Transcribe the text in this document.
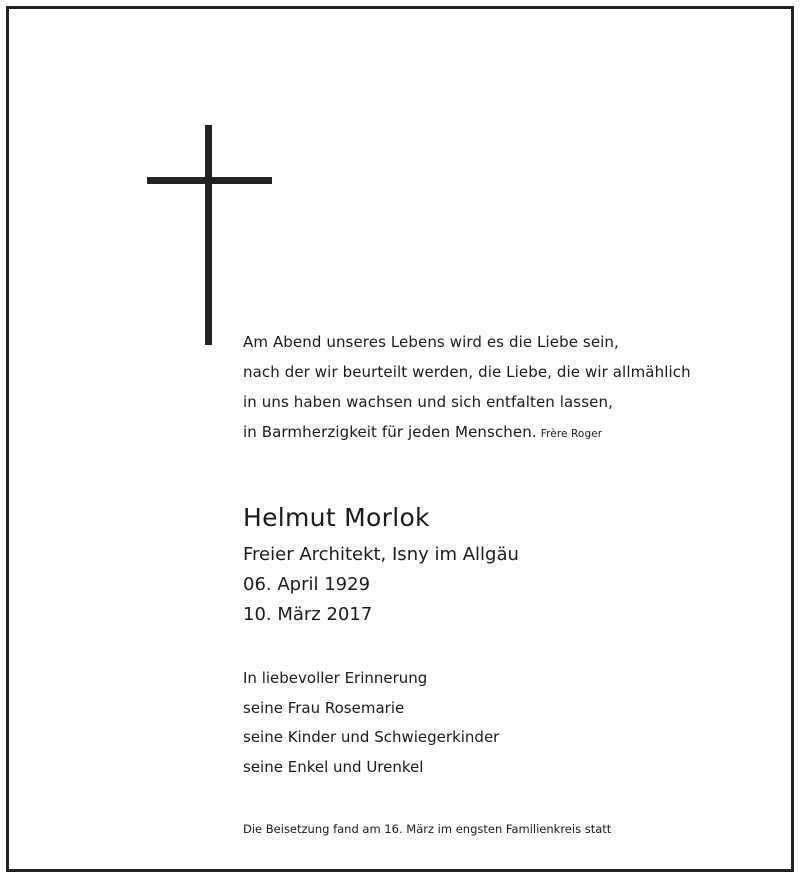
Am Abend unseres Lebens wird es die Liebe sein,
nach der wir beurteilt werden, die Liebe, die wir allmählich
in uns haben wachsen und sich entfalten lassen,
in Barmherzigkeit für jeden Menschen. Frère Roger
Helmut Morlok
Freier Architekt, Isny im Allgäu
06. April 1929
10. März 2017
In liebevoller Erinnerung
seine Frau Rosemarie
seine Kinder und Schwiegerkinder
seine Enkel und Urenkel
Die Beisetzung fand am 16. März im engsten Familienkreis statt
